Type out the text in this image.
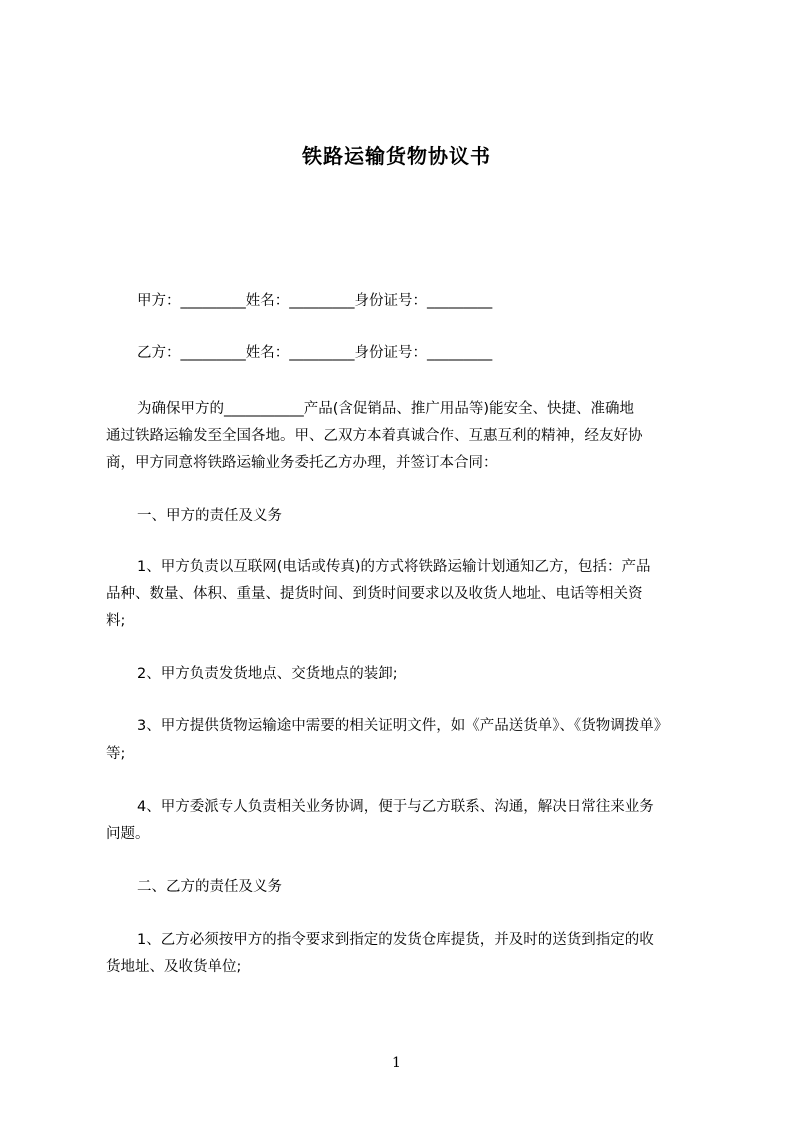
铁路运输货物协议书
甲方：_________姓名：_________身份证号：_________
乙方：_________姓名：_________身份证号：_________
为确保甲方的___________产品(含促销品、推广用品等)能安全、快捷、准确地
通过铁路运输发至全国各地。甲、乙双方本着真诚合作、互惠互利的精神，经友好协
商，甲方同意将铁路运输业务委托乙方办理，并签订本合同：
一、甲方的责任及义务
1、甲方负责以互联网(电话或传真)的方式将铁路运输计划通知乙方，包括：产品
品种、数量、体积、重量、提货时间、到货时间要求以及收货人地址、电话等相关资
料;
2、甲方负责发货地点、交货地点的装卸;
3、甲方提供货物运输途中需要的相关证明文件，如《产品送货单》、《货物调拨单》
等;
4、甲方委派专人负责相关业务协调，便于与乙方联系、沟通，解决日常往来业务
问题。
二、乙方的责任及义务
1、乙方必须按甲方的指令要求到指定的发货仓库提货，并及时的送货到指定的收
货地址、及收货单位;
1
